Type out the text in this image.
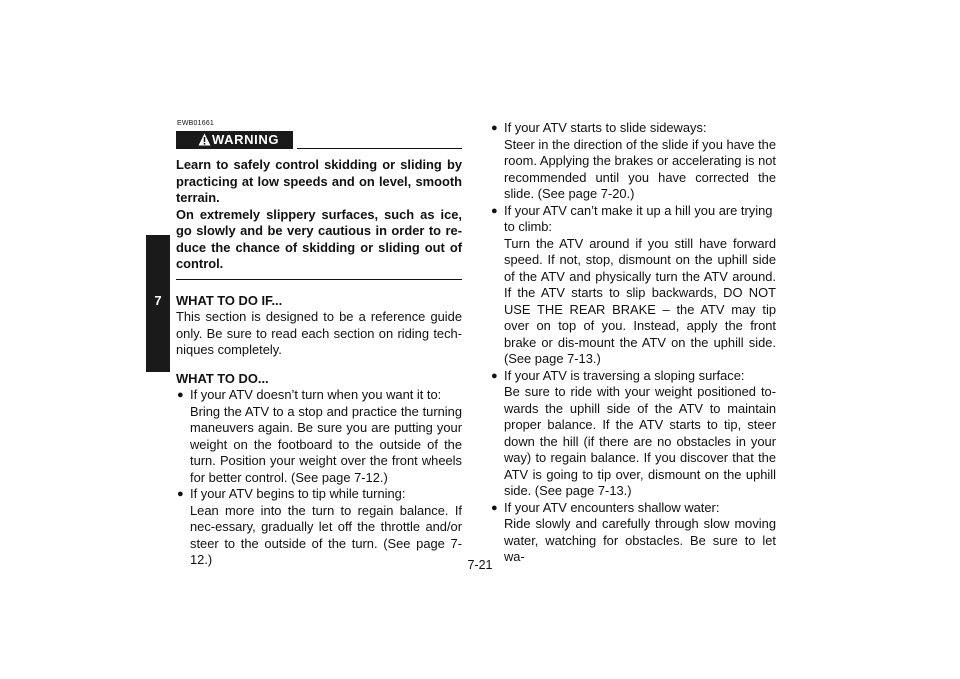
7
EWB01661
WARNING

Learn to safely control skidding or sliding by practicing at low speeds and on level, smooth terrain.

On extremely slippery surfaces, such as ice, go slowly and be very cautious in order to re-duce the chance of skidding or sliding out of control.

WHAT TO DO IF...

This section is designed to be a reference guide only. Be sure to read each section on riding tech-niques completely.

WHAT TO DO...
● If your ATV doesn’t turn when you want it to:

Bring the ATV to a stop and practice the turning maneuvers again. Be sure you are putting your weight on the footboard to the outside of the turn. Position your weight over the front wheels for better control. (See page 7-12.)

● If your ATV begins to tip while turning:

Lean more into the turn to regain balance. If nec-essary, gradually let off the throttle and/or steer to the outside of the turn. (See page 7-12.)

● If your ATV starts to slide sideways:

Steer in the direction of the slide if you have the room. Applying the brakes or accelerating is not recommended until you have corrected the slide. (See page 7-20.)

● If your ATV can’t make it up a hill you are trying to climb:

Turn the ATV around if you still have forward speed. If not, stop, dismount on the uphill side of the ATV and physically turn the ATV around. If the ATV starts to slip backwards, DO NOT USE THE REAR BRAKE – the ATV may tip over on top of you. Instead, apply the front brake or dis-mount the ATV on the uphill side. (See page 7-13.)

● If your ATV is traversing a sloping surface:

Be sure to ride with your weight positioned to-wards the uphill side of the ATV to maintain proper balance. If the ATV starts to tip, steer down the hill (if there are no obstacles in your way) to regain balance. If you discover that the ATV is going to tip over, dismount on the uphill side. (See page 7-13.)

● If your ATV encounters shallow water:

Ride slowly and carefully through slow moving water, watching for obstacles. Be sure to let wa-

7-21
